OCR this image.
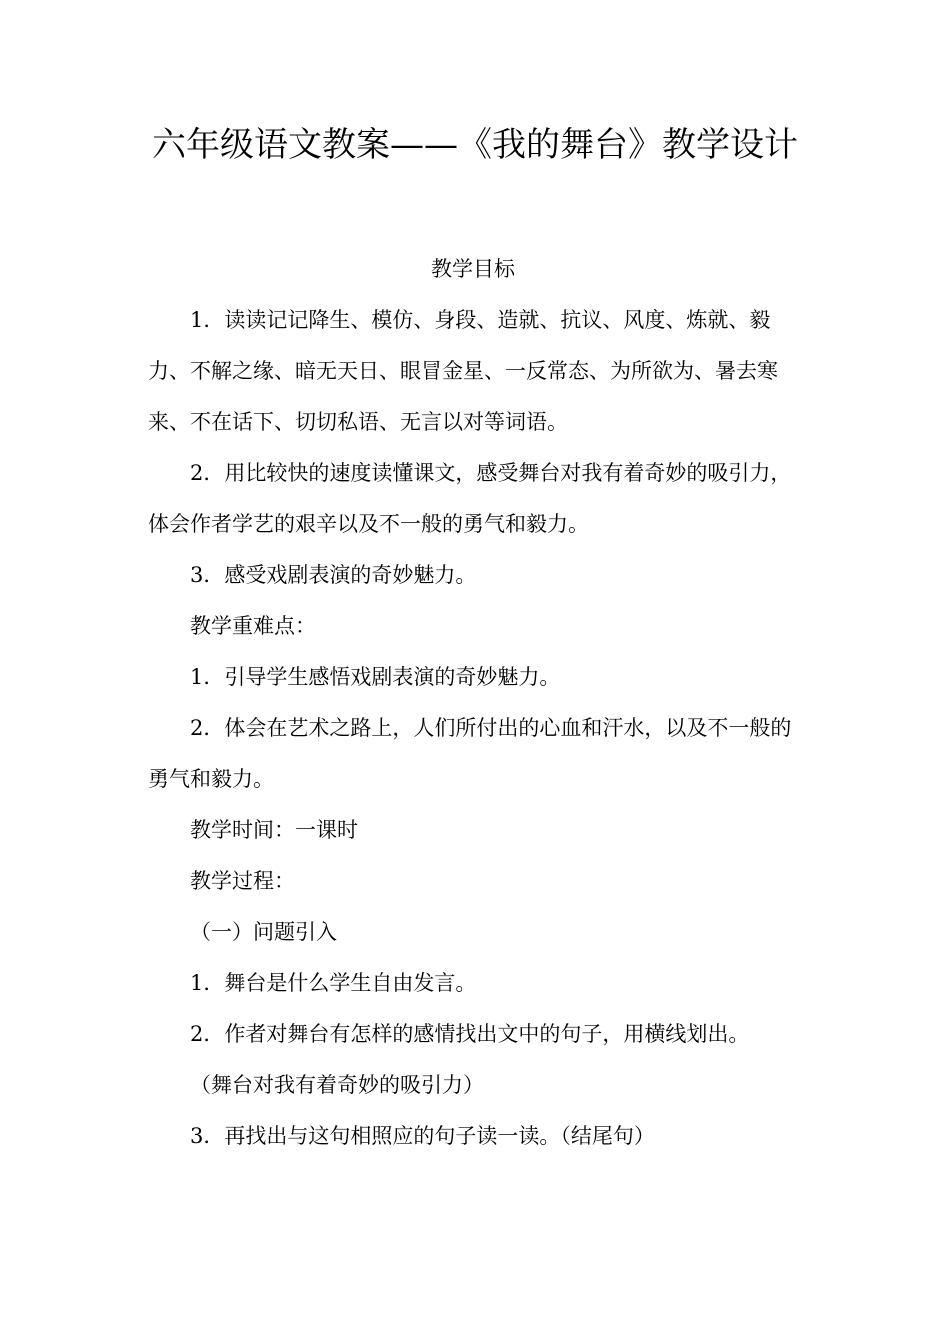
六年级语文教案——《我的舞台》教学设计

教学目标

1．读读记记降生、模仿、身段、造就、抗议、风度、炼就、毅力、不解之缘、暗无天日、眼冒金星、一反常态、为所欲为、暑去寒来、不在话下、切切私语、无言以对等词语。

2．用比较快的速度读懂课文，感受舞台对我有着奇妙的吸引力，体会作者学艺的艰辛以及不一般的勇气和毅力。

3．感受戏剧表演的奇妙魅力。

教学重难点：

1．引导学生感悟戏剧表演的奇妙魅力。

2．体会在艺术之路上，人们所付出的心血和汗水，以及不一般的勇气和毅力。

教学时间：一课时

教学过程：

（一）问题引入

1．舞台是什么学生自由发言。

2．作者对舞台有怎样的感情找出文中的句子，用横线划出。

（舞台对我有着奇妙的吸引力）

3．再找出与这句相照应的句子读一读。（结尾句）
